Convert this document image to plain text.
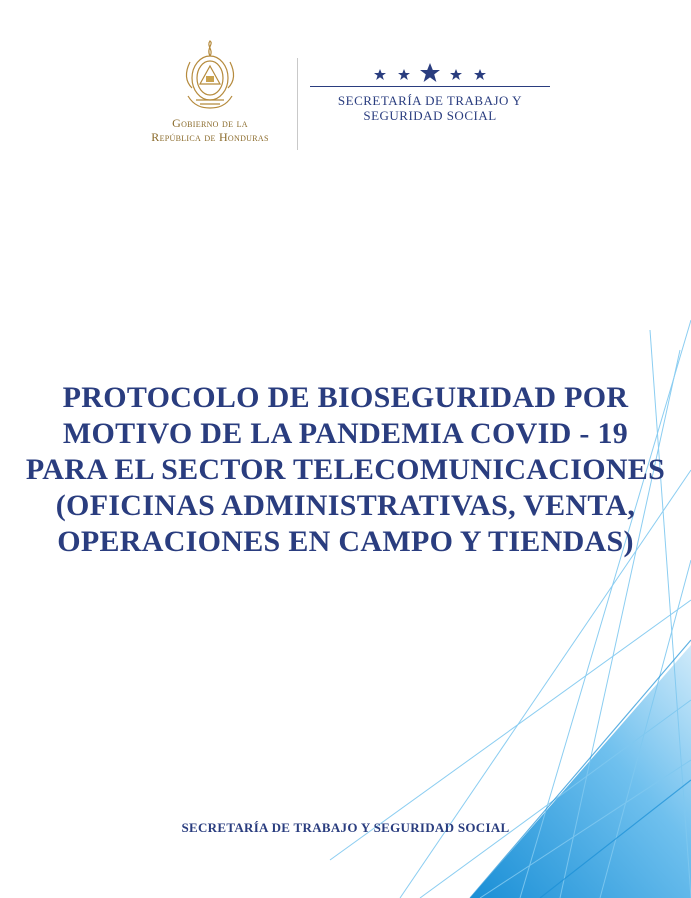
Gobierno de la
República de Honduras
SECRETARÍA DE TRABAJO Y
SEGURIDAD SOCIAL
PROTOCOLO DE BIOSEGURIDAD POR
MOTIVO DE LA PANDEMIA COVID - 19
PARA EL SECTOR TELECOMUNICACIONES
(OFICINAS ADMINISTRATIVAS, VENTA,
OPERACIONES EN CAMPO Y TIENDAS)
SECRETARÍA DE TRABAJO Y SEGURIDAD SOCIAL
